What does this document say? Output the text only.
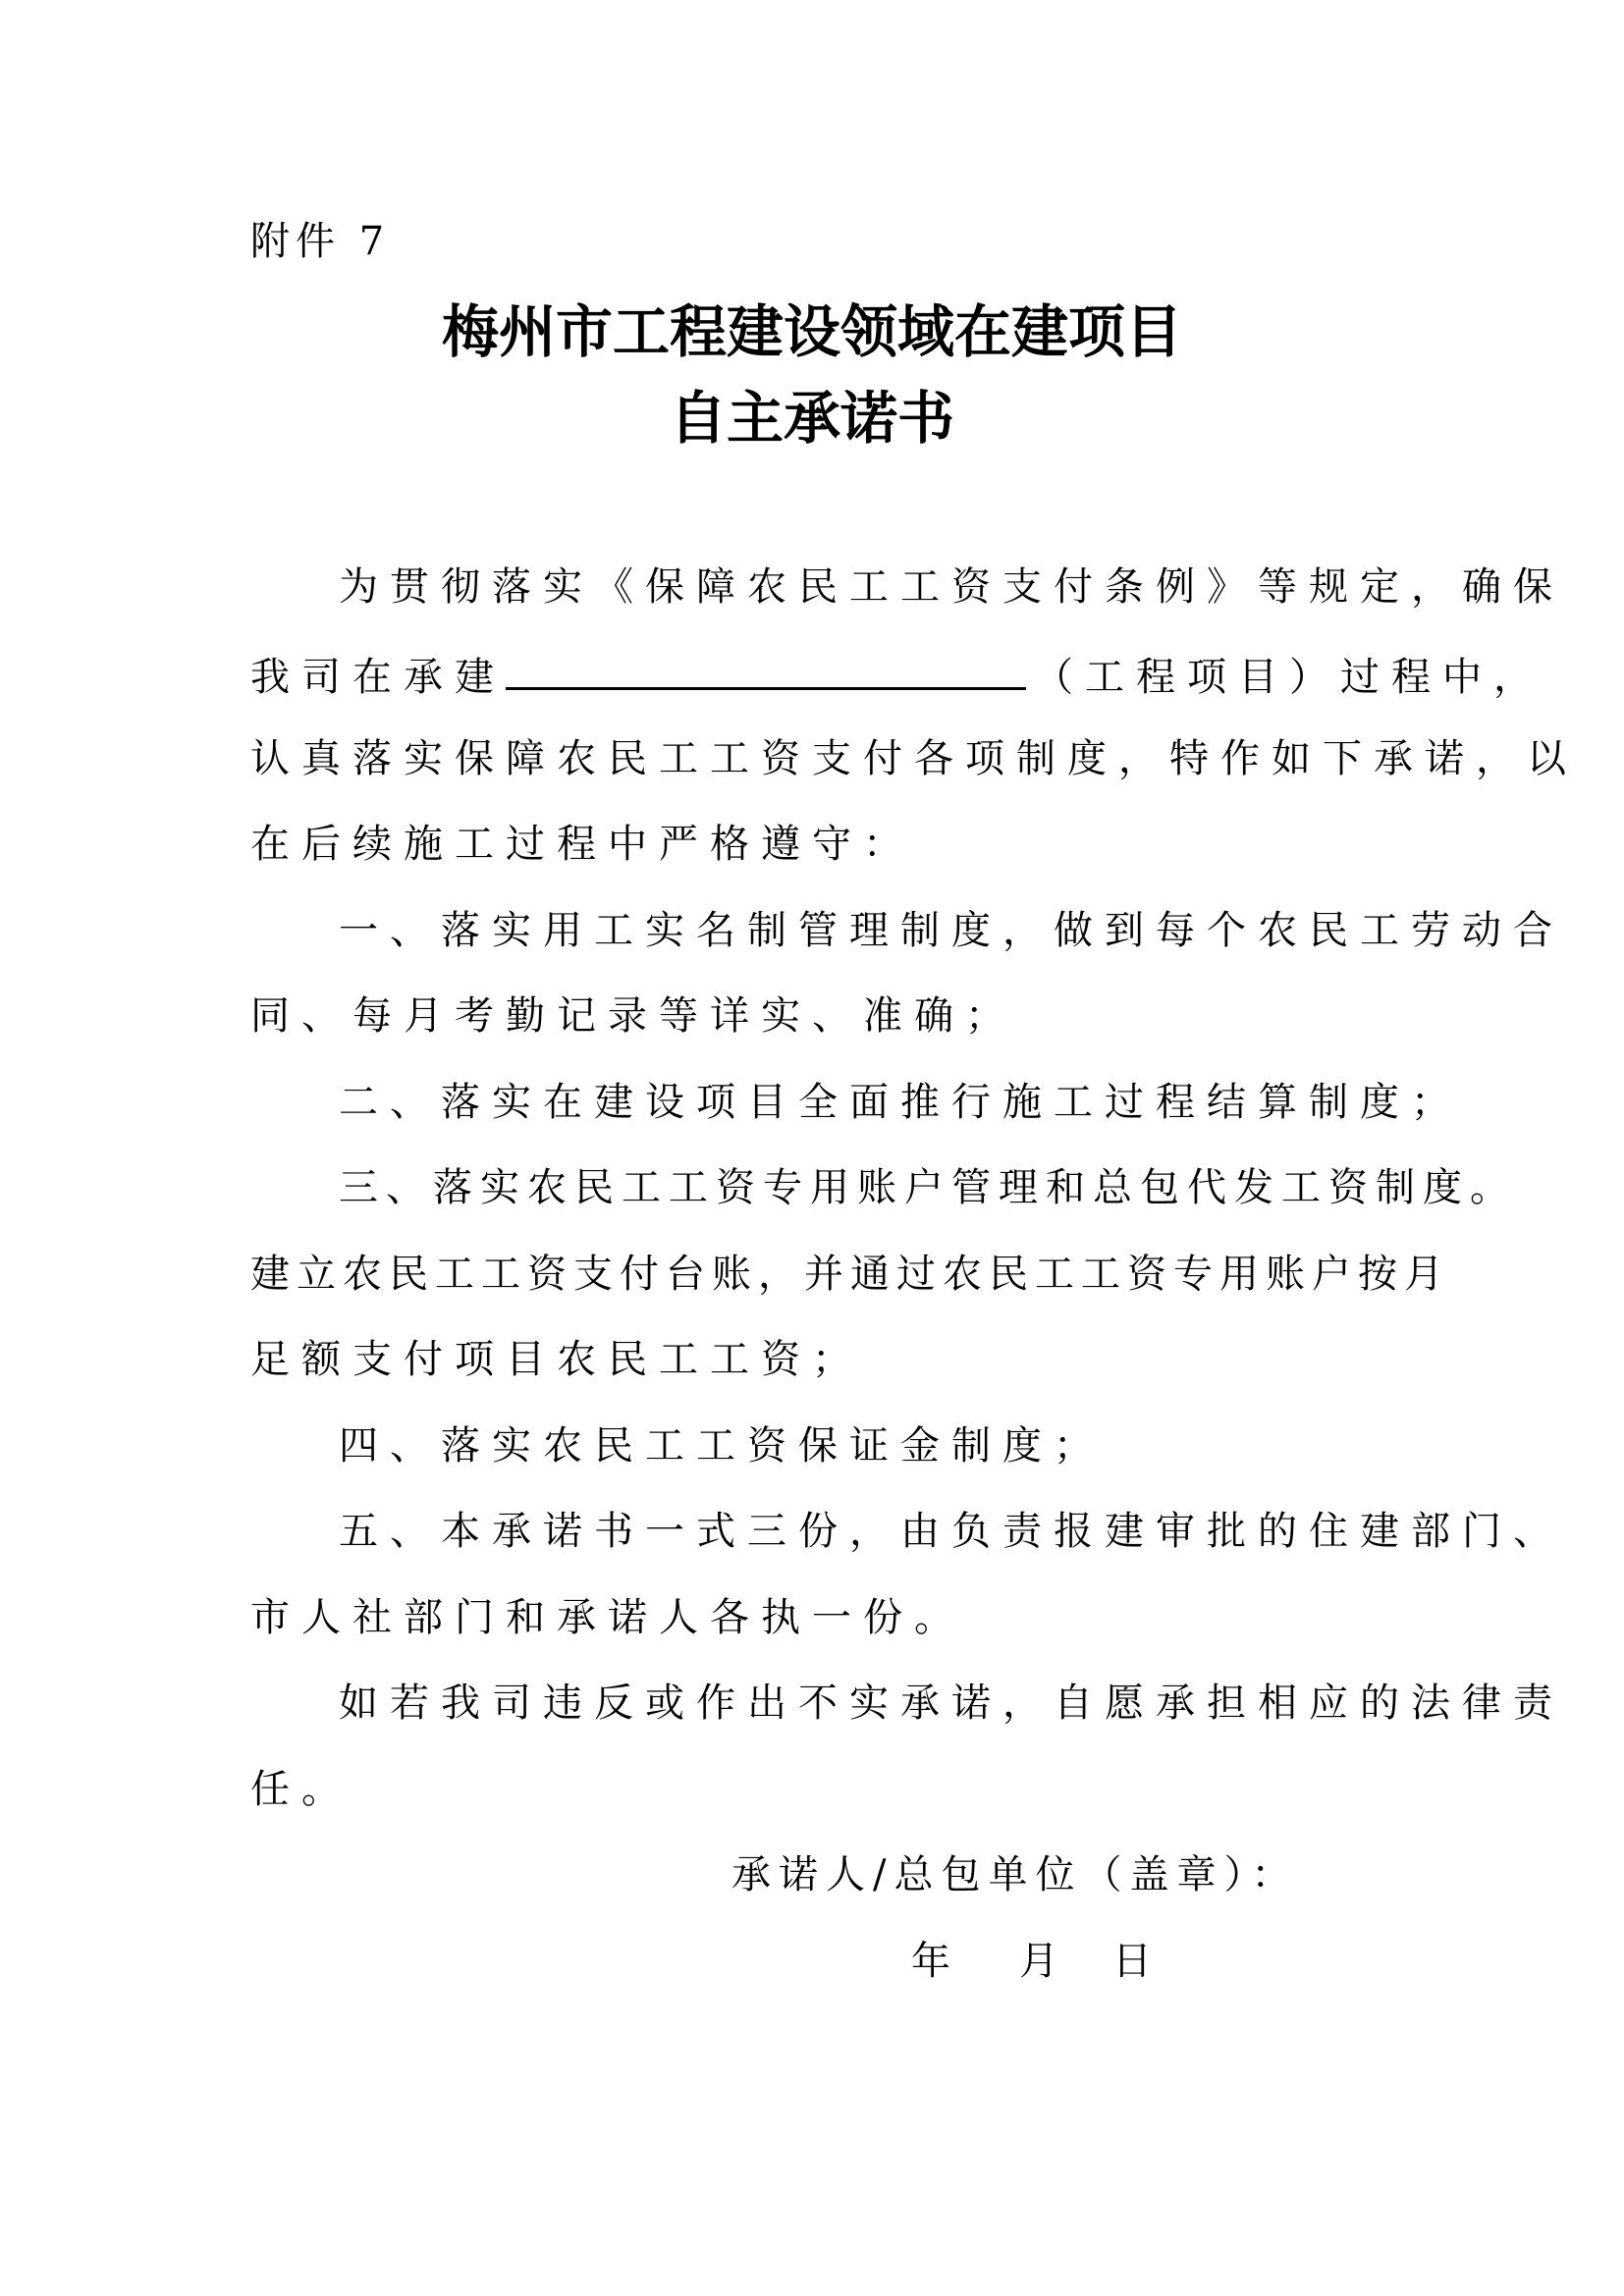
附件 7
梅州市工程建设领域在建项目
自主承诺书
为贯彻落实《保障农民工工资支付条例》等规定，确保
我司在承建	（工程项目）过程中，
认真落实保障农民工工资支付各项制度，特作如下承诺，以
在后续施工过程中严格遵守：
一、落实用工实名制管理制度，做到每个农民工劳动合
同、每月考勤记录等详实、准确；
二、落实在建设项目全面推行施工过程结算制度；
三、落实农民工工资专用账户管理和总包代发工资制度。
建立农民工工资支付台账，并通过农民工工资专用账户按月
足额支付项目农民工工资；
四、落实农民工工资保证金制度；
五、本承诺书一式三份，由负责报建审批的住建部门、
市人社部门和承诺人各执一份。
如若我司违反或作出不实承诺，自愿承担相应的法律责
任。
承诺人/总包单位（盖章）：
年 月 日
